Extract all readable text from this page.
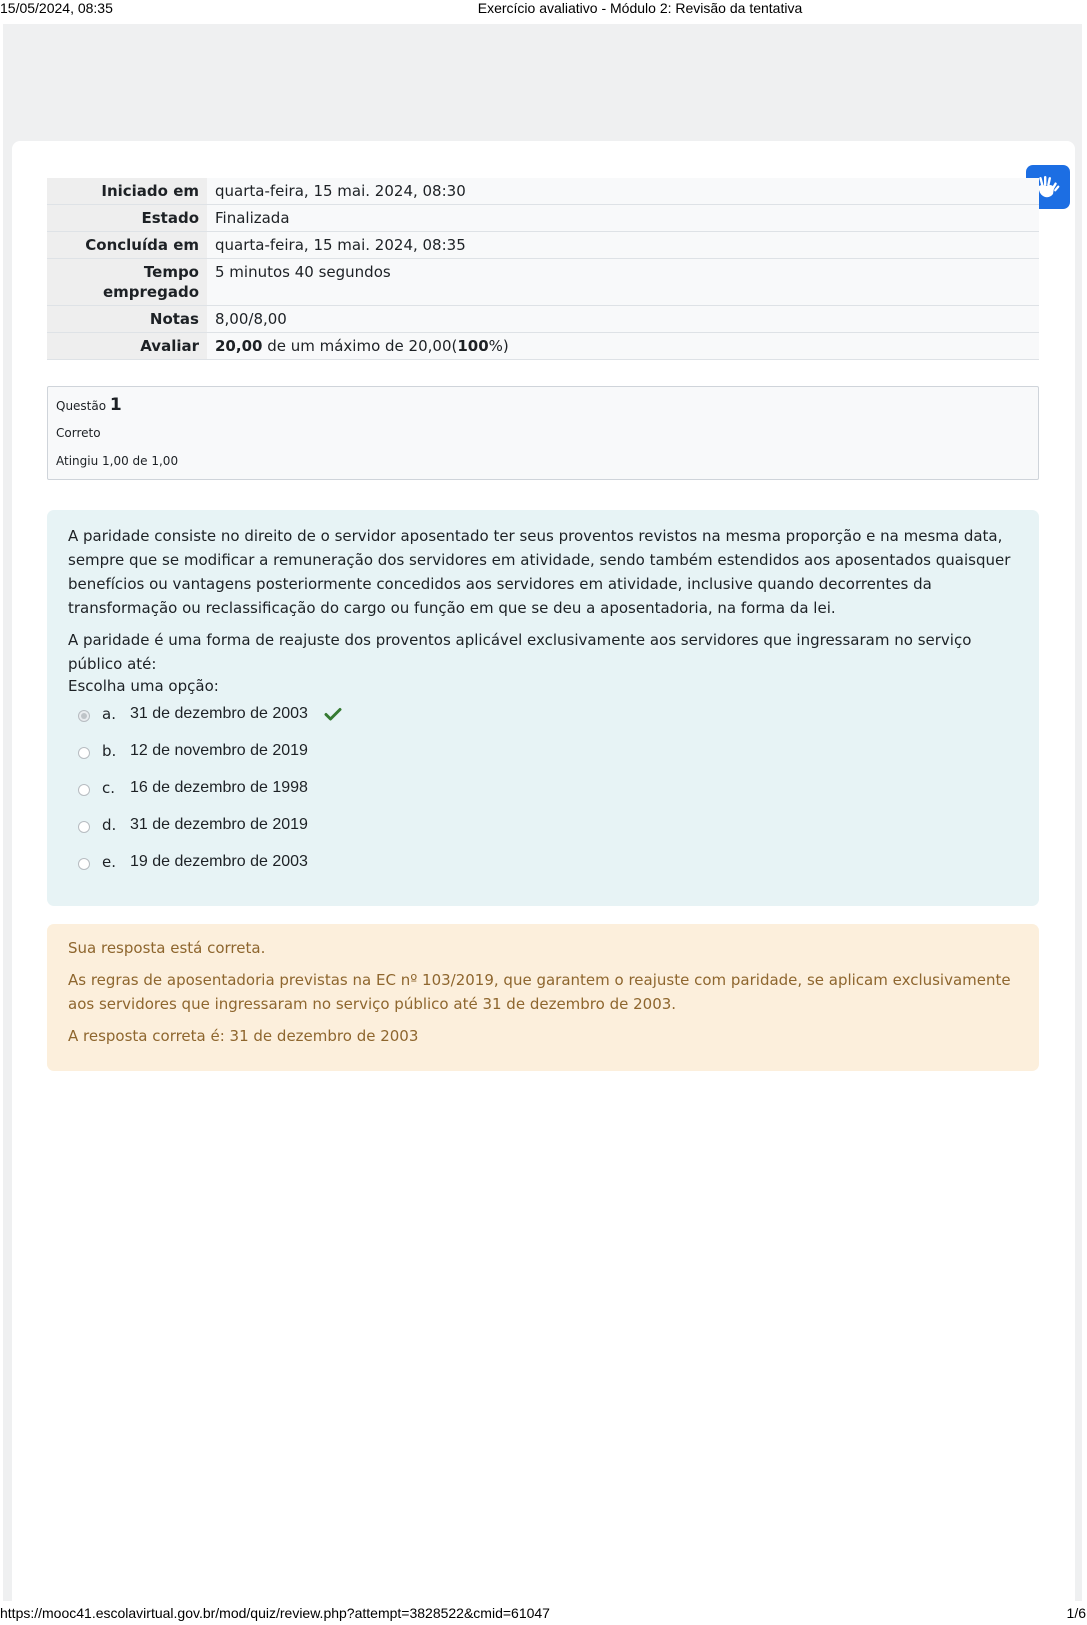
15/05/2024, 08:35	Exercício avaliativo - Módulo 2: Revisão da tentativa
Iniciado em	quarta-feira, 15 mai. 2024, 08:30
Estado	Finalizada
Concluída em	quarta-feira, 15 mai. 2024, 08:35
Tempo
empregado	5 minutos 40 segundos
Notas	8,00/8,00
Avaliar	20,00 de um máximo de 20,00(100%)
Questão 1
Correto
Atingiu 1,00 de 1,00

A paridade consiste no direito de o servidor aposentado ter seus proventos revistos na mesma proporção e na mesma data, sempre que se modificar a remuneração dos servidores em atividade, sendo também estendidos aos aposentados quaisquer benefícios ou vantagens posteriormente concedidos aos servidores em atividade, inclusive quando decorrentes da transformação ou reclassificação do cargo ou função em que se deu a aposentadoria, na forma da lei.

A paridade é uma forma de reajuste dos proventos aplicável exclusivamente aos servidores que ingressaram no serviço público até:

Escolha uma opção:
a. 31 de dezembro de 2003
b. 12 de novembro de 2019
c. 16 de dezembro de 1998
d. 31 de dezembro de 2019
e. 19 de dezembro de 2003

Sua resposta está correta.

As regras de aposentadoria previstas na EC nº 103/2019, que garantem o reajuste com paridade, se aplicam exclusivamente aos servidores que ingressaram no serviço público até 31 de dezembro de 2003.

A resposta correta é: 31 de dezembro de 2003

https://mooc41.escolavirtual.gov.br/mod/quiz/review.php?attempt=3828522&cmid=61047	1/6
